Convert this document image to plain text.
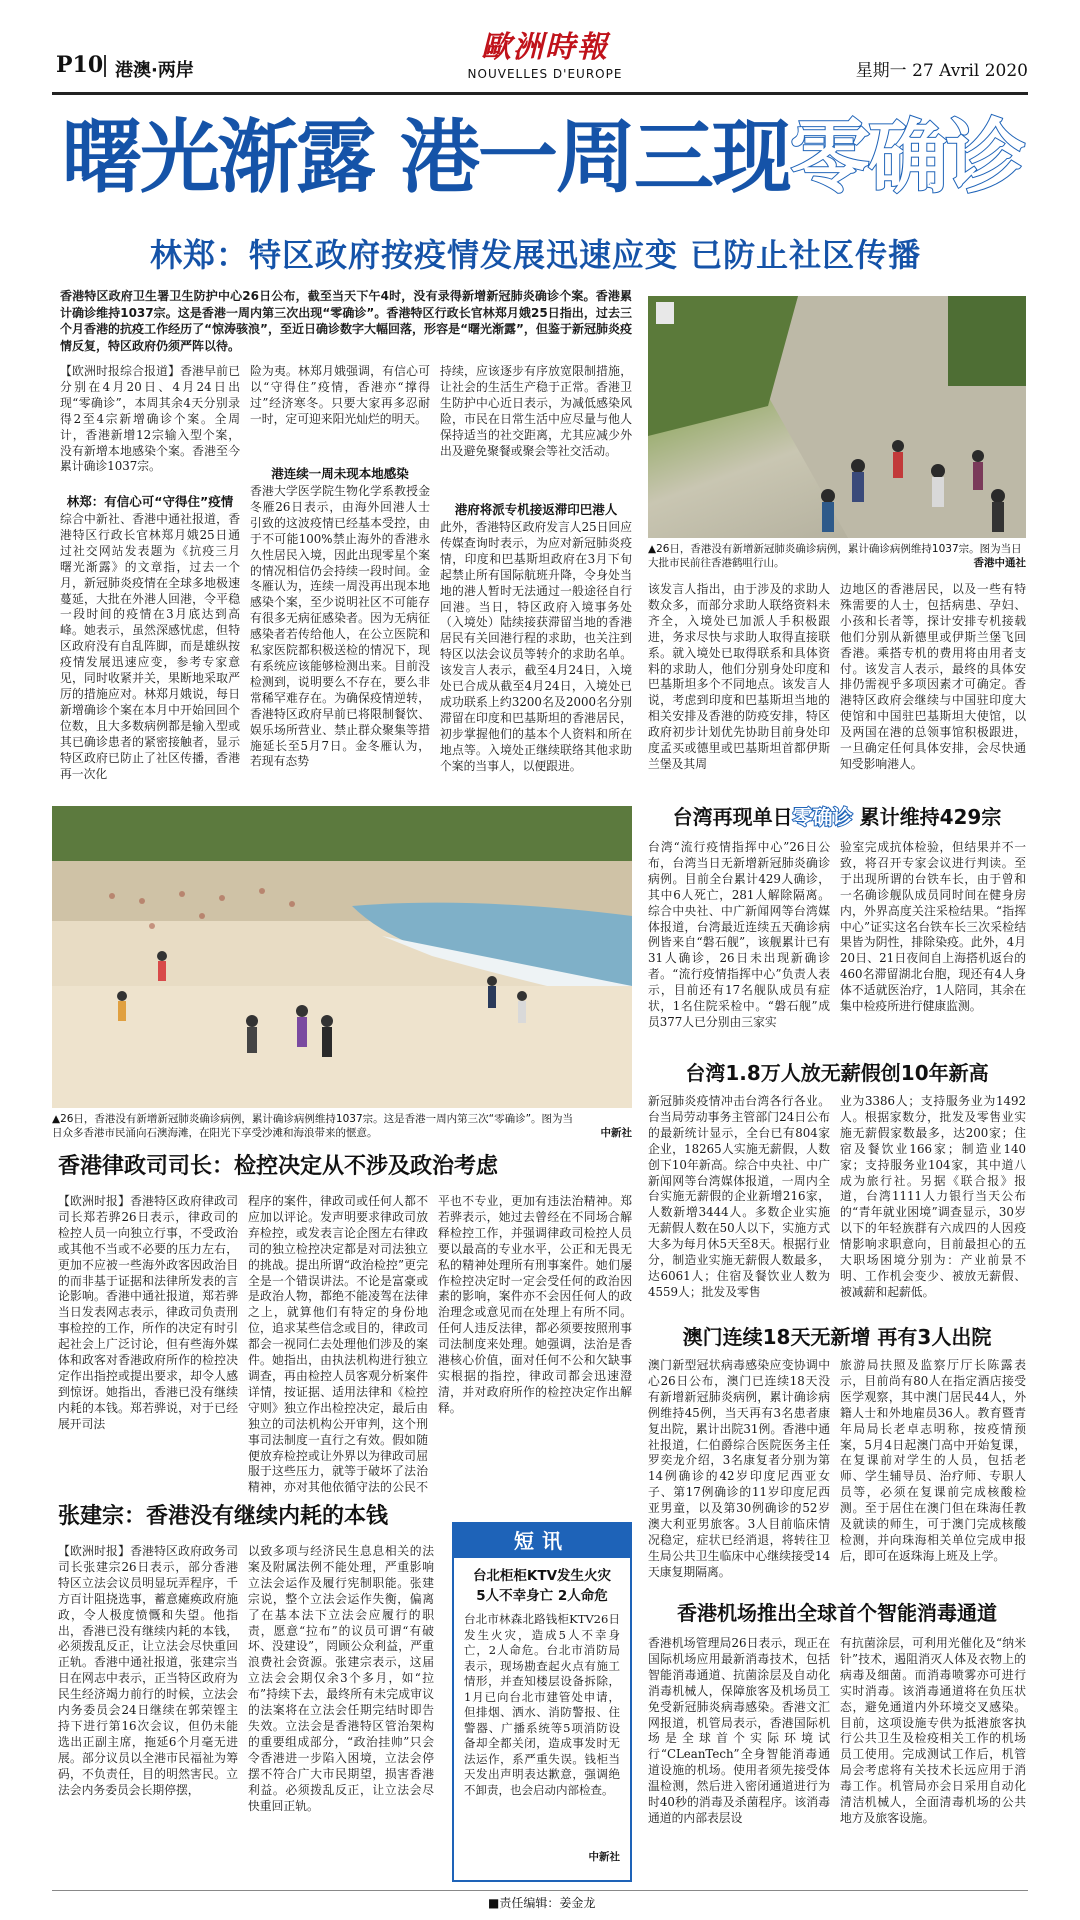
P10 港澳·两岸
歐洲時報
NOUVELLES D'EUROPE	星期一 27 Avril 2020
曙光渐露 港一周三现零确诊
林郑：特区政府按疫情发展迅速应变 已防止社区传播
香港特区政府卫生署卫生防护中心26日公布，截至当天下午4时，没有录得新增新冠肺炎确诊个案。香港累计确诊维持1037宗。这是香港一周内第三次出现“零确诊”。香港特区行政长官林郑月娥25日指出，过去三个月香港的抗疫工作经历了“惊涛骇浪”，至近日确诊数字大幅回落，形容是“曙光渐露”，但鉴于新冠肺炎疫情反复，特区政府仍须严阵以待。
【欧洲时报综合报道】香港早前已分别在4月20日、4月24日出现“零确诊”，本周其余4天分别录得2至4宗新增确诊个案。全周计，香港新增12宗输入型个案，没有新增本地感染个案。香港至今累计确诊1037宗。
林郑：有信心可“守得住”疫情
综合中新社、香港中通社报道，香港特区行政长官林郑月娥25日通过社交网站发表题为《抗疫三月 曙光渐露》的文章指，过去一个月，新冠肺炎疫情在全球多地极速蔓延，大批在外港人回港，令平稳一段时间的疫情在3月底达到高峰。她表示，虽然深感忧虑，但特区政府没有自乱阵脚，而是雄纵按疫情发展迅速应变，参考专家意见，同时收紧并关，果断地采取严厉的措施应对。林郑月娥说，每日新增确诊个案在本月中开始回回个位数，且大多数病例都是输入型或其已确诊患者的紧密接触者，显示特区政府已防止了社区传播，香港再一次化
险为夷。林郑月娥强调，有信心可以“守得住”疫情，香港亦“撑得过”经济寒冬。只要大家再多忍耐一时，定可迎来阳光灿烂的明天。
港连续一周未现本地感染
香港大学医学院生物化学系教授金冬雁26日表示，由海外回港人士引致的这波疫情已经基本受控，由于不可能100%禁止海外的香港永久性居民入境，因此出现零星个案的情况相信仍会持续一段时间。金冬雁认为，连续一周没再出现本地感染个案，至少说明社区不可能存有很多无病征感染者。因为无病征感染者若传给他人，在公立医院和私家医院都积极送检的情况下，现有系统应该能够检测出来。目前没检测到，说明要么不存在，要么非常稀罕难存在。为确保疫情逆转，香港特区政府早前已将限制餐饮、娱乐场所营业、禁止群众聚集等措施延长至5月7日。金冬雁认为，若现有态势
持续，应该逐步有序放宽限制措施，让社会的生活生产稳于正常。香港卫生防护中心近日表示，为减低感染风险，市民在日常生活中应尽量与他人保持适当的社交距离，尤其应减少外出及避免聚餐或聚会等社交活动。
港府将派专机接返滞印巴港人
此外，香港特区政府发言人25日回应传媒查询时表示，为应对新冠肺炎疫情，印度和巴基斯坦政府在3月下旬起禁止所有国际航班升降，令身处当地的港人暂时无法通过一般途径自行回港。当日，特区政府入境事务处（入境处）陆续接获滞留当地的香港居民有关回港行程的求助，也关注到特区以法会议员等转介的求助名单。该发言人表示，截至4月24日，入境处已合成从截至4月24日，入境处已成功联系上约3200名及2000名分别滞留在印度和巴基斯坦的香港居民，初步掌握他们的基本个人资料和所在地点等。入境处正继续联络其他求助个案的当事人，以便跟进。
▲26日，香港没有新增新冠肺炎确诊病例，累计确诊病例维持1037宗。图为当日大批市民前往香港鹤咀行山。	香港中通社
该发言人指出，由于涉及的求助人数众多，而部分求助人联络资料未齐全，入境处已加派人手积极跟进，务求尽快与求助人取得直接联系。就入境处已取得联系和具体资料的求助人，他们分别身处印度和巴基斯坦多个不同地点。该发言人说，考虑到印度和巴基斯坦当地的相关安排及香港的防疫安排，特区政府初步计划优先协助目前身处印度孟买或德里或巴基斯坦首都伊斯兰堡及其周
边地区的香港居民，以及一些有特殊需要的人士，包括病患、孕妇、小孩和长者等，探计安排专机接载他们分别从新德里或伊斯兰堡飞回香港。乘搭专机的费用将由用者支付。该发言人表示，最终的具体安排仍需视乎多项因素才可确定。香港特区政府会继续与中国驻印度大使馆和中国驻巴基斯坦大使馆，以及两国在港的总领事馆积极跟进，一旦确定任何具体安排，会尽快通知受影响港人。
▲26日，香港没有新增新冠肺炎确诊病例，累计确诊病例维持1037宗。这是香港一周内第三次“零确诊”。图为当日众多香港市民涌向石澳海滩，在阳光下享受沙滩和海浪带来的惬意。	中新社
台湾再现单日零确诊 累计维持429宗
台湾“流行疫情指挥中心”26日公布，台湾当日无新增新冠肺炎确诊病例。目前全台累计429人确诊，其中6人死亡，281人解除隔离。综合中央社、中广新闻网等台湾媒体报道，台湾最近连续五天确诊病例皆来自“磐石舰”，该舰累计已有31人确诊，26日未出现新确诊者。“流行疫情指挥中心”负责人表示，目前还有17名舰队成员有症状，1名住院采检中。“磐石舰”成员377人已分别由三家实
验室完成抗体检验，但结果并不一致，将召开专家会议进行判读。至于出现所谓的台铁车长，由于曾和一名确诊舰队成员同时间在健身房内，外界高度关注采检结果。“指挥中心”证实这名台铁车长三次采检结果皆为阴性，排除染疫。此外，4月20日、21日夜间自上海搭机返台的460名滞留湖北台胞，现还有4人身体不适就医治疗，1人陪同，其余在集中检疫所进行健康监测。
台湾1.8万人放无薪假创10年新高
新冠肺炎疫情冲击台湾各行各业。台当局劳动事务主管部门24日公布的最新统计显示，全台已有804家企业，18265人实施无薪假，人数创下10年新高。综合中央社、中广新闻网等台湾媒体报道，一周内全台实施无薪假的企业新增216家，人数新增3444人。多数企业实施无薪假人数在50人以下，实施方式大多为每月休5天至8天。根据行业分，制造业实施无薪假人数最多，达6061人；住宿及餐饮业人数为4559人；批发及零售
业为3386人；支持服务业为1492人。根据家数分，批发及零售业实施无薪假家数最多，达200家；住宿及餐饮业166家；制造业140家；支持服务业104家，其中道八成为旅行社。另据《联合报》报道，台湾1111人力银行当天公布的“青年就业困境”调查显示，30岁以下的年轻族群有六成四的人因疫情影响求职意向，目前最担心的五大职场困境分别为：产业前景不明、工作机会变少、被放无薪假、被减薪和起薪低。
香港律政司司长：检控决定从不涉及政治考虑
【欧洲时报】香港特区政府律政司司长郑若骅26日表示，律政司的检控人员一向独立行事，不受政治或其他不当或不必要的压力左右，更加不应被一些海外政客因政治目的而非基于证据和法律所发表的言论影响。香港中通社报道，郑若骅当日发表网志表示，律政司负责刑事检控的工作，所作的决定有时引起社会上广泛讨论，但有些海外媒体和政客对香港政府所作的检控决定作出指控或提出要求，却令人感到惊讶。她指出，香港已没有继续内耗的本钱。郑若骅说，对于已经展开司法
程序的案件，律政司或任何人都不应加以评论。发声明要求律政司放弃检控，或发表言论企图左右律政司的独立检控决定都是对司法独立的挑战。提出所谓“政治检控”更完全是一个错误讲法。不论是富豪或是政治人物，都绝不能凌驾在法律之上，就算他们有特定的身份地位，追求某些信念或目的，律政司都会一视同仁去处理他们涉及的案件。她指出，由执法机构进行独立调查，再由检控人员客观分析案件详情，按证据、适用法律和《检控守则》独立作出检控决定，最后由独立的司法机构公开审判，这个刑事司法制度一直行之有效。假如随便放弃检控或让外界以为律政司屈服于这些压力，就等于破坏了法治精神，亦对其他依循守法的公民不
平也不专业，更加有违法治精神。郑若骅表示，她过去曾经在不同场合解释检控工作，并强调律政司检控人员要以最高的专业水平，公正和无畏无私的精神处理所有刑事案件。她们屡作检控决定时一定会受任何的政治因素的影响，案件亦不会因任何人的政治理念或意见而在处理上有所不同。任何人违反法律，都必须要按照刑事司法制度来处理。她强调，法治是香港核心价值，面对任何不公和欠缺事实根据的指控，律政司都会迅速澄清，并对政府所作的检控决定作出解释。
澳门连续18天无新增 再有3人出院
澳门新型冠状病毒感染应变协调中心26日公布，澳门已连续18天没有新增新冠肺炎病例，累计确诊病例维持45例，当天再有3名患者康复出院，累计出院31例。香港中通社报道，仁伯爵综合医院医务主任罗奕龙介绍，3名康复者分别为第14例确诊的42岁印度尼西亚女子、第17例确诊的11岁印度尼西亚男童，以及第30例确诊的52岁澳大利亚男旅客。3人目前临床情况稳定，症状已经消退，将转往卫生局公共卫生临床中心继续接受14天康复期隔离。
旅游局扶照及监察厅厅长陈露表示，目前尚有80人在指定酒店接受医学观察，其中澳门居民44人，外籍人士和外地雇员36人。教育暨青年局局长老卓志明称，按疫情预案，5月4日起澳门高中开始复课，在复课前对学生的人员，包括老师、学生辅导员、治疗师、专职人员等，必须在复课前完成核酸检测。至于居住在澳门但在珠海任教及就读的师生，可于澳门完成核酸检测，并向珠海相关单位完成申报后，即可在返珠海上班及上学。
张建宗：香港没有继续内耗的本钱
【欧洲时报】香港特区政府政务司司长张建宗26日表示，部分香港特区立法会议员明显玩弄程序，千方百计阻挠选事，蓄意瘫痪政府施政，令人极度愤慨和失望。他指出，香港已没有继续内耗的本钱，必须拨乱反正，让立法会尽快重回正轨。香港中通社报道，张建宗当日在网志中表示，正当特区政府为民生经济竭力前行的时候，立法会内务委员会24日继续在郭荣铿主持下进行第16次会议，但仍未能选出正副主席，拖延6个月毫无进展。部分议员以全港市民福祉为筹码，不负责任，目的明然害民。立法会内务委员会长期停摆，
以致多项与经济民生息息相关的法案及附属法例不能处理，严重影响立法会运作及履行宪制职能。张建宗说，整个立法会运作失衡，偏离了在基本法下立法会应履行的职责，愿意“拉布”的议员可谓“有破坏、没建设”，罔顾公众利益，严重浪费社会资源。张建宗表示，这届立法会会期仅余3个多月，如“拉布”持续下去，最终所有未完成审议的法案将在立法会任期完结时即告失效。立法会是香港特区管治架构的重要组成部分，“政治挂帅”只会令香港进一步陷入困境，立法会停摆不符合广大市民期望，损害香港利益。必须拨乱反正，让立法会尽快重回正轨。
短讯
台北柜柜KTV发生火灾
5人不幸身亡 2人命危
台北市林森北路钱柜KTV26日发生火灾，造成5人不幸身亡，2人命危。台北市消防局表示，现场勘查起火点有施工情形，并查知楼层设备拆除，1月已向台北市建管处申请，但排烟、洒水、消防警报、住警器、广播系统等5项消防设备却全都关闭，造成事发时无法运作，系严重失误。钱柜当天发出声明表达歉意，强调绝不卸责，也会启动内部检查。
中新社
香港机场推出全球首个智能消毒通道
香港机场管理局26日表示，现正在国际机场应用最新消毒技术，包括智能消毒通道、抗菌涂层及自动化消毒机械人，保障旅客及机场员工免受新冠肺炎病毒感染。香港文汇网报道，机管局表示，香港国际机场是全球首个实际环境试行“CLeanTech”全身智能消毒通道设施的机场。使用者须先接受体温检测，然后进入密闭通道进行为时40秒的消毒及杀菌程序。该消毒通道的内部表层设
有抗菌涂层，可利用光催化及“纳米针”技术，遏阻消灭人体及衣物上的病毒及细菌。而消毒喷雾亦可进行实时消毒。该消毒通道将在负压状态，避免通道内外环境交叉感染。目前，这项设施专供为抵港旅客执行公共卫生及检疫相关工作的机场员工使用。完成测试工作后，机管局会考虑将有关技术长远应用于消毒工作。机管局亦会日采用自动化清洁机械人，全面清毒机场的公共地方及旅客设施。
■责任编辑：姜金龙
